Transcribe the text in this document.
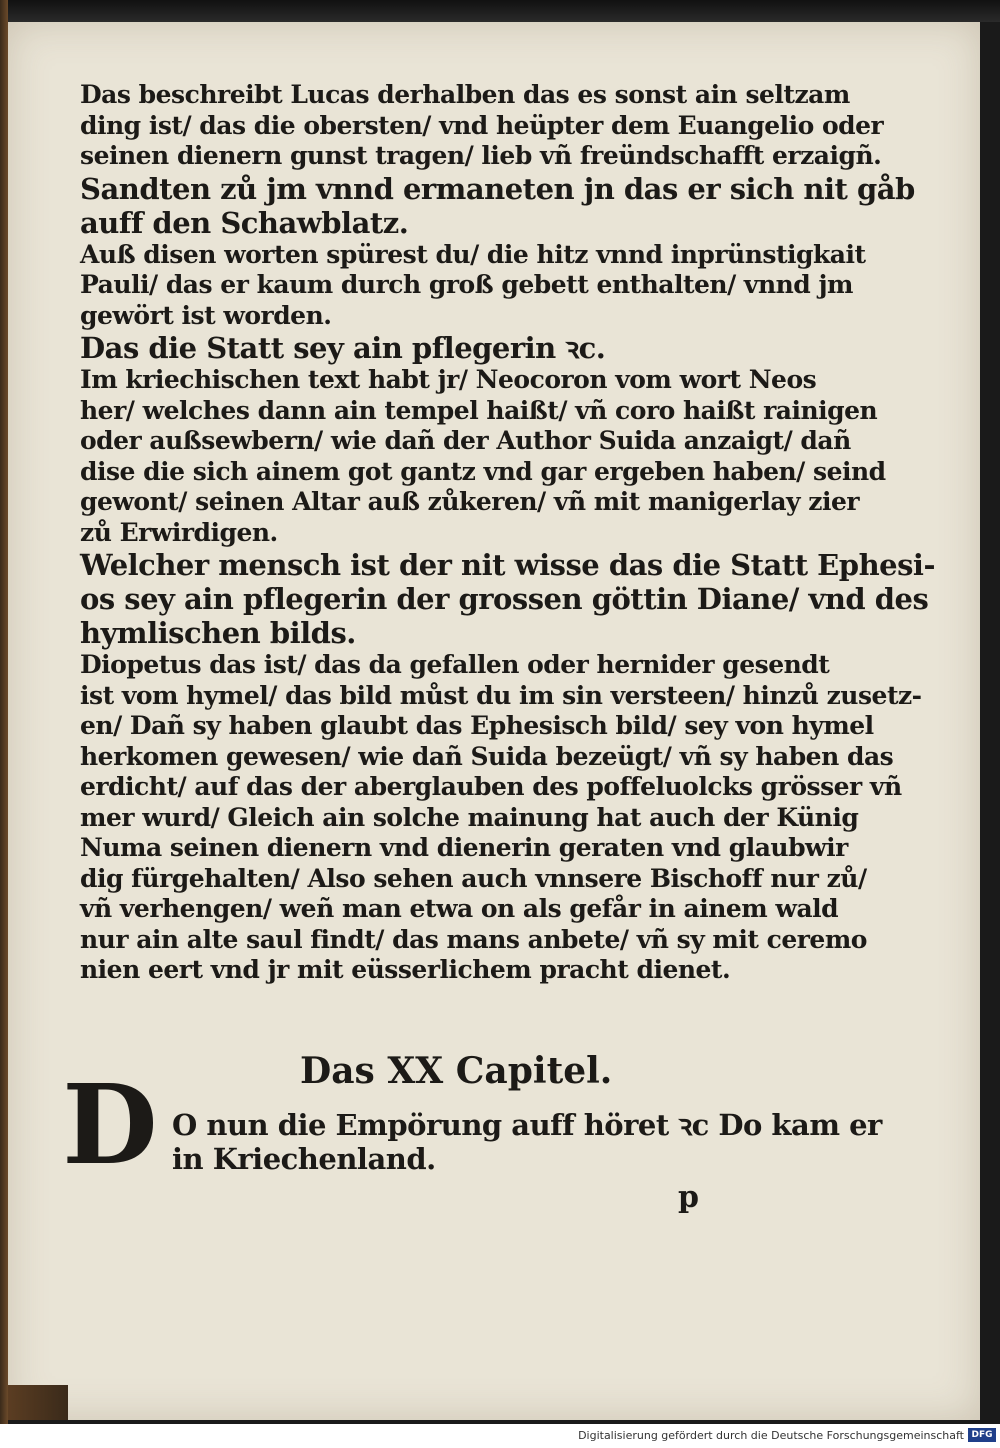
Das beschreibt Lucas derhalben das es sonst ain seltzam
ding ist/ das die obersten/ vnd heüpter dem Euangelio oder
seinen dienern gunst tragen/ lieb vñ freündschafft erzaigñ.
Sandten zů jm vnnd ermaneten jn das er sich nit gåb
auff den Schawblatz.
Auß disen worten spürest du/ die hitz vnnd inprünstigkait
Pauli/ das er kaum durch groß gebett enthalten/ vnnd jm
gewört ist worden.
Das die Statt sey ain pflegerin ꝛc.
Im kriechischen text habt jr/ Neocoron vom wort Neos
her/ welches dann ain tempel haißt/ vñ coro haißt rainigen
oder außsewbern/ wie dañ der Author Suida anzaigt/ dañ
dise die sich ainem got gantz vnd gar ergeben haben/ seind
gewont/ seinen Altar auß zůkeren/ vñ mit manigerlay zier
zů Erwirdigen.
Welcher mensch ist der nit wisse das die Statt Ephesi-
os sey ain pflegerin der grossen göttin Diane/ vnd des
hymlischen bilds.
Diopetus das ist/ das da gefallen oder hernider gesendt
ist vom hymel/ das bild můst du im sin versteen/ hinzů zusetz-
en/ Dañ sy haben glaubt das Ephesisch bild/ sey von hymel
herkomen gewesen/ wie dañ Suida bezeügt/ vñ sy haben das
erdicht/ auf das der aberglauben des poffeluolcks grösser vñ
mer wurd/ Gleich ain solche mainung hat auch der Künig
Numa seinen dienern vnd dienerin geraten vnd glaubwir
dig fürgehalten/ Also sehen auch vnnsere Bischoff nur zů/
vñ verhengen/ weñ man etwa on als gefår in ainem wald
nur ain alte saul findt/ das mans anbete/ vñ sy mit ceremo
nien eert vnd jr mit eüsserlichem pracht dienet.
Das XX Capitel.
D O nun die Empörung auff höret ꝛc Do kam er
in Kriechenland.
p
Digitalisierung gefördert durch die Deutsche Forschungsgemeinschaft DFG
